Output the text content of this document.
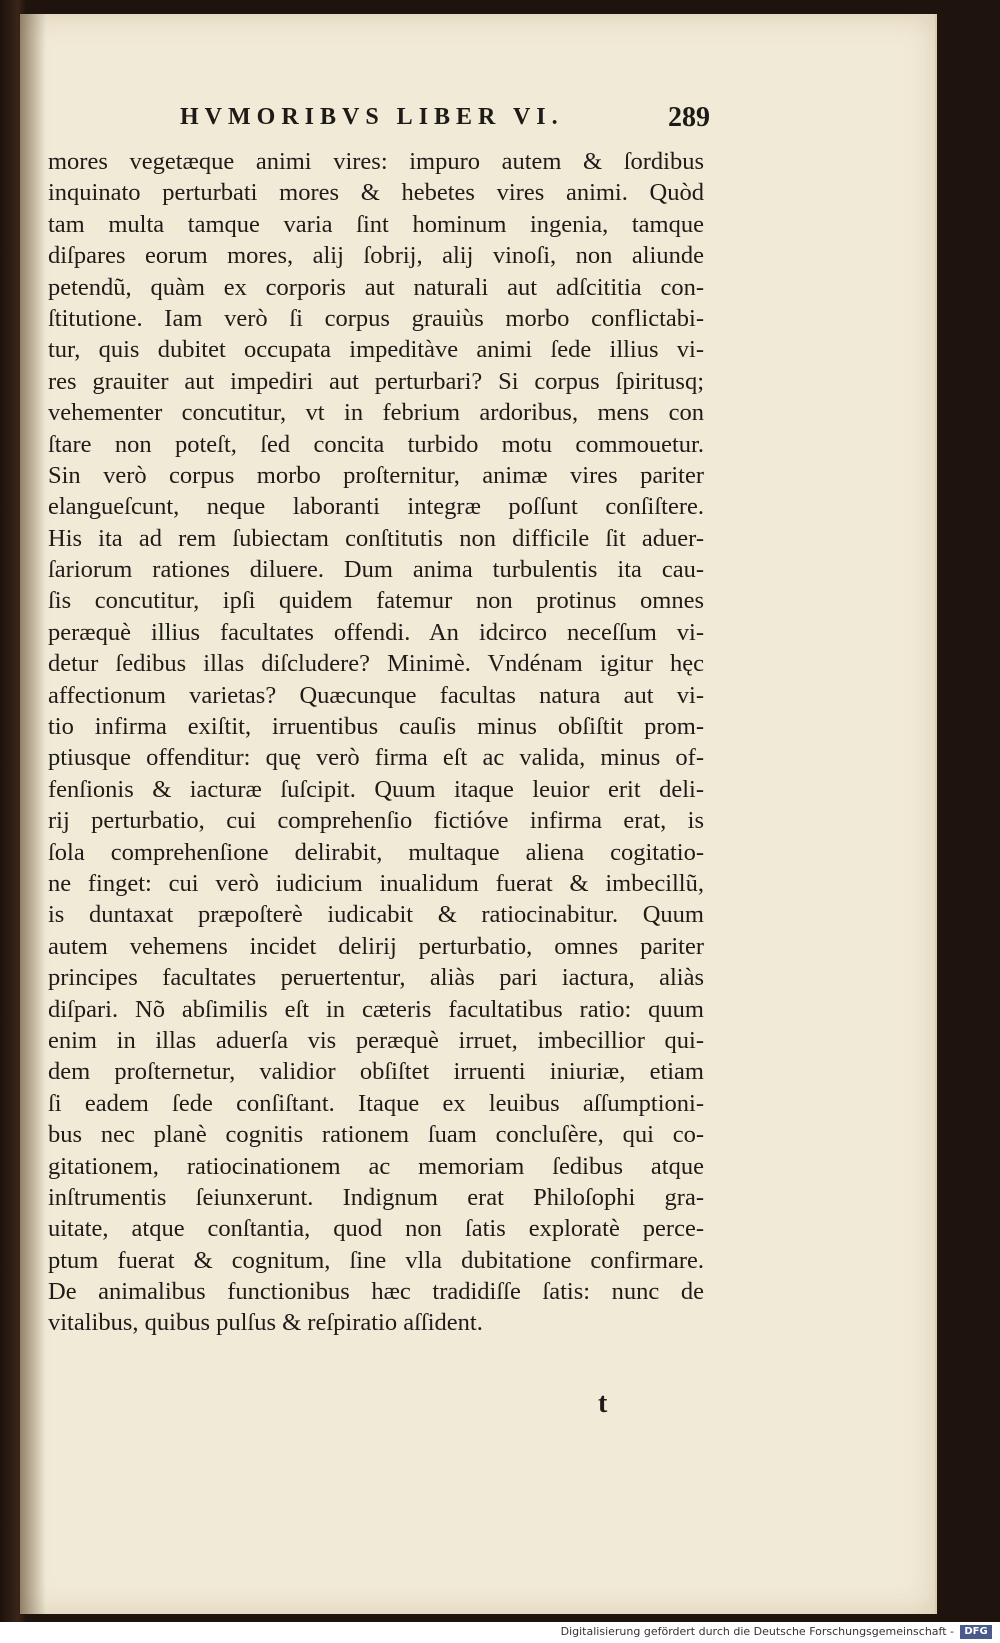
HVMORIBVS LIBER VI.	289
mores vegetæque animi vires: impuro autem & ſordibus
inquinato perturbati mores & hebetes vires animi. Quòd
tam multa tamque varia ſint hominum ingenia, tamque
diſpares eorum mores, alij ſobrij, alij vinoſi, non aliunde
petendũ, quàm ex corporis aut naturali aut adſcititia con-
ſtitutione. Iam verò ſi corpus grauiùs morbo conflictabi-
tur, quis dubitet occupata impeditàve animi ſede illius vi-
res grauiter aut impediri aut perturbari? Si corpus ſpiritusq;
vehementer concutitur, vt in febrium ardoribus, mens con
ſtare non poteſt, ſed concita turbido motu commouetur.
Sin verò corpus morbo proſternitur, animæ vires pariter
elangueſcunt, neque laboranti integræ poſſunt conſiſtere.
His ita ad rem ſubiectam conſtitutis non difficile ſit aduer-
ſariorum rationes diluere. Dum anima turbulentis ita cau-
ſis concutitur, ipſi quidem fatemur non protinus omnes
peræquè illius facultates offendi. An idcirco neceſſum vi-
detur ſedibus illas diſcludere? Minimè. Vndénam igitur hęc
affectionum varietas? Quæcunque facultas natura aut vi-
tio infirma exiſtit, irruentibus cauſis minus obſiſtit prom-
ptiusque offenditur: quę verò firma eſt ac valida, minus of-
fenſionis & iacturæ ſuſcipit. Quum itaque leuior erit deli-
rij perturbatio, cui comprehenſio fictióve infirma erat, is
ſola comprehenſione delirabit, multaque aliena cogitatio-
ne finget: cui verò iudicium inualidum fuerat & imbecillũ,
is duntaxat præpoſterè iudicabit & ratiocinabitur. Quum
autem vehemens incidet delirij perturbatio, omnes pariter
principes facultates peruertentur, aliàs pari iactura, aliàs
diſpari. Nõ abſimilis eſt in cæteris facultatibus ratio: quum
enim in illas aduerſa vis peræquè irruet, imbecillior qui-
dem proſternetur, validior obſiſtet irruenti iniuriæ, etiam
ſi eadem ſede conſiſtant. Itaque ex leuibus aſſumptioni-
bus nec planè cognitis rationem ſuam concluſère, qui co-
gitationem, ratiocinationem ac memoriam ſedibus atque
inſtrumentis ſeiunxerunt. Indignum erat Philoſophi gra-
uitate, atque conſtantia, quod non ſatis exploratè perce-
ptum fuerat & cognitum, ſine vlla dubitatione confirmare.
De animalibus functionibus hæc tradidiſſe ſatis: nunc de
vitalibus, quibus pulſus & reſpiratio aſſident.
t
Digitalisierung gefördert durch die Deutsche Forschungsgemeinschaft -	DFG
